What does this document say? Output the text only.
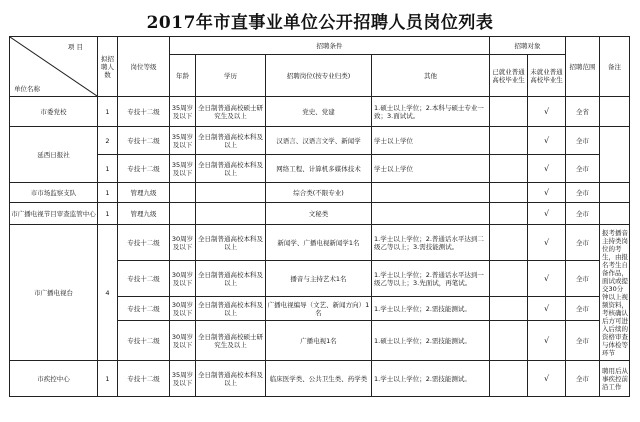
2017年市直事业单位公开招聘人员岗位列表
项 目
单位名称	拟招聘人数	岗位等级	招聘条件				招聘对象		招聘范围	备注
			年龄	学历	招聘岗位(按专业归类)	其他	已就业普通高校毕业生	未就业普通高校毕业生		
市委党校	1	专技十二级	35周岁及以下	全日制普通高校硕士研究生及以上	党史、党建	1.硕士以上学位；2.本科与硕士专业一致；3.面试试。		√	全省	
延西日报社	2	专技十二级	35周岁及以下	全日制普通高校本科及以上	汉语言、汉语言文学、新闻学	学士以上学位		√	全市	
	1	专技十二级	35周岁及以下	全日制普通高校本科及以上	网络工程、计算机多媒体技术	学士以上学位		√	全市	
市市场监察支队	1	管理九级			综合类(不限专业)			√	全市	
市广播电视节目审查监管中心	1	管理九级			文秘类			√	全市	
市广播电视台	4	专技十二级	30周岁及以下	全日制普通高校本科及以上	新闻学、广播电视新闻学1名	1.学士以上学位；2.普通话水平达到二级乙等以上；3.需技能测试。		√	全市	报考播音主持类岗位的考生，由报名考生自备作品，面试或提交30分钟以上视频资料，考核确认后方可进入后续的资格审查与体检等环节
		专技十二级	30周岁及以下	全日制普通高校本科及以上	播音与主持艺术1名	1.学士以上学位；2.普通话水平达到一级乙等以上；3.先面试，再笔试。		√	全市	
		专技十二级	30周岁及以下	全日制普通高校本科及以上	广播电视编导（文艺、新闻方向）1名	1.学士以上学位；2.需技能测试。		√	全市	
		专技十二级	30周岁及以下	全日制普通高校硕士研究生及以上	广播电视1名	1.硕士以上学位；2.需技能测试。		√	全市	
市疾控中心	1	专技十二级	35周岁及以下	全日制普通高校本科及以上	临床医学类、公共卫生类、药学类	1.学士以上学位；2.需技能测试。		√	全市	聘用后从事疾控前沿工作
